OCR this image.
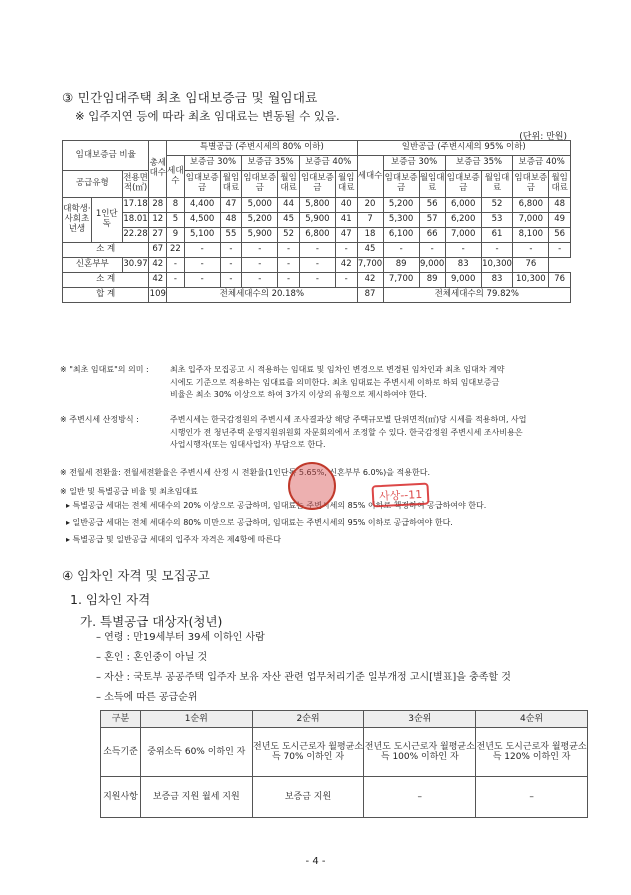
③ 민간임대주택 최초 임대보증금 및 월임대료
※ 입주지연 등에 따라 최초 임대료는 변동될 수 있음.
(단위: 만원)
임대보증금 비율			총세대수	특별공급 (주변시세의 80% 이하)							일반공급 (주변시세의 95% 이하)						
				세대수	보증금 30%		보증금 35%		보증금 40%		세대수	보증금 30%		보증금 35%		보증금 40%	
공급유형		전용면적(㎡)			임대보증금	월임대료	임대보증금	월임대료	임대보증금	월임대료		임대보증금	월임대료	임대보증금	월임대료	임대보증금	월임대료
대학생·사회초년생	1인단독	17.18	28	8	4,400	47	5,000	44	5,800	40	20	5,200	56	6,000	52	6,800	48
		18.01	12	5	4,500	48	5,200	45	5,900	41	7	5,300	57	6,200	53	7,000	49
		22.28	27	9	5,100	55	5,900	52	6,800	47	18	6,100	66	7,000	61	8,100	56
소 계			67	22	-	-	-	-	-	-	45	-	-	-	-	-	-
신혼부부		30.97	42	-	-	-	-	-	-	42	7,700	89	9,000	83	10,300	76	
소 계			42	-	-	-	-	-	-	-	42	7,700	89	9,000	83	10,300	76
합 계			109	전체세대수의 20.18%							87	전체세대수의 79.82%					
※ "최초 임대료"의 의미 :	최초 입주자 모집공고 시 적용하는 임대료 및 임차인 변경으로 변경된 임차인과 최초 임대차 계약
시에도 기준으로 적용하는 임대료를 의미한다. 최초 임대료는 주변시세 이하로 하되 임대보증금
비율은 최소 30% 이상으로 하여 3가지 이상의 유형으로 제시하여야 한다.
※ 주변시세 산정방식 :	주변시세는 한국감정원의 주변시세 조사결과상 해당 주택규모별 단위면적(㎡)당 시세를 적용하며, 사업
시행인가 전 청년주택 운영지원위원회 자문회의에서 조정할 수 있다. 한국감정원 주변시세 조사비용은
사업시행자(또는 임대사업자) 부담으로 한다.
※ 전월세 전환율: 전월세전환율은 주변시세 산정 시 전환율(1인단독 5.65%, 신혼부부 6.0%)을 적용한다.
※ 일반 및 특별공급 비율 및 최초임대료
▸ 특별공급 세대는 전체 세대수의 20% 이상으로 공급하며, 임대료는 주변시세의 85% 이하로 책정하여 공급하여야 한다.
▸ 일반공급 세대는 전체 세대수의 80% 미만으로 공급하며, 임대료는 주변시세의 95% 이하로 공급하여야 한다.
▸ 특별공급 및 일반공급 세대의 입주자 자격은 제4항에 따른다
사상--11
④ 임차인 자격 및 모집공고
1. 임차인 자격
가. 특별공급 대상자(청년)
– 연령 : 만19세부터 39세 이하인 사람
– 혼인 : 혼인중이 아닐 것
– 자산 : 국토부 공공주택 입주자 보유 자산 관련 업무처리기준 일부개정 고시[별표]을 충족할 것
– 소득에 따른 공급순위
구분	1순위	2순위	3순위	4순위
소득기준	중위소득 60% 이하인 자	전년도 도시근로자 월평균소득 70% 이하인 자	전년도 도시근로자 월평균소득 100% 이하인 자	전년도 도시근로자 월평균소득 120% 이하인 자
지원사항	보증금 지원 월세 지원	보증금 지원	–	–
- 4 -
